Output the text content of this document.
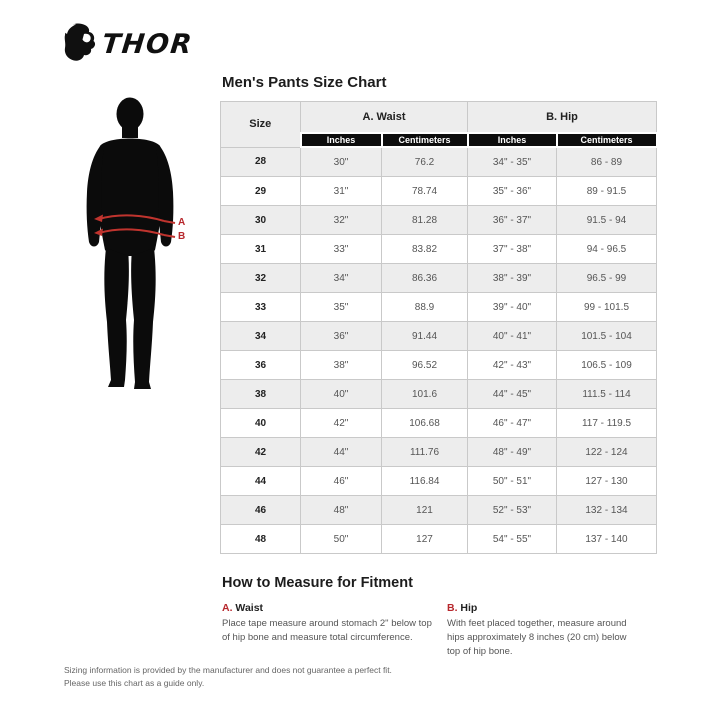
THOR
A
B
Men's Pants Size Chart
Size	A. Waist		B. Hip	
	Inches	Centimeters	Inches	Centimeters
28	30"	76.2	34" - 35"	86 - 89
29	31"	78.74	35" - 36"	89 - 91.5
30	32"	81.28	36" - 37"	91.5 - 94
31	33"	83.82	37" - 38"	94 - 96.5
32	34"	86.36	38" - 39"	96.5 - 99
33	35"	88.9	39" - 40"	99 - 101.5
34	36"	91.44	40" - 41"	101.5 - 104
36	38"	96.52	42" - 43"	106.5 - 109
38	40"	101.6	44" - 45"	111.5 - 114
40	42"	106.68	46" - 47"	117 - 119.5
42	44"	111.76	48" - 49"	122 - 124
44	46"	116.84	50" - 51"	127 - 130
46	48"	121	52" - 53"	132 - 134
48	50"	127	54" - 55"	137 - 140
How to Measure for Fitment
A. Waist

Place tape measure around stomach 2" below top of hip bone and measure total circumference.

B. Hip

With feet placed together, measure around hips approximately 8 inches (20 cm) below top of hip bone.

Sizing information is provided by the manufacturer and does not guarantee a perfect fit.
Please use this chart as a guide only.
